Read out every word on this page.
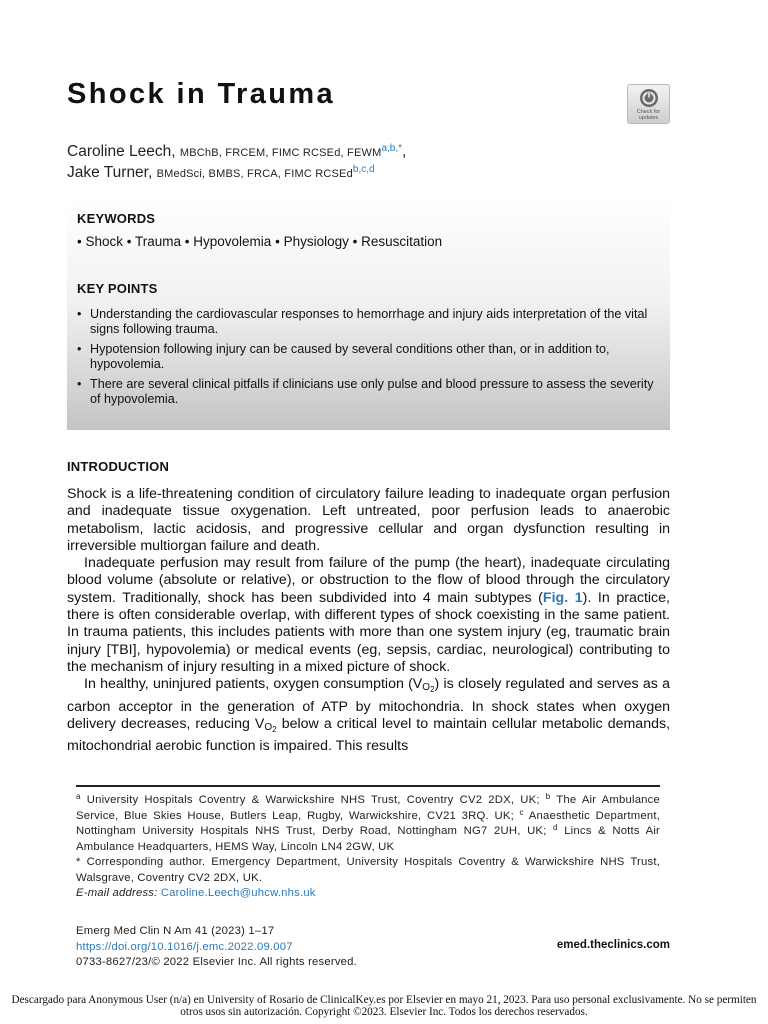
Shock in Trauma
Check for
updates
Caroline Leech, MBChB, FRCEM, FIMC RCSEd, $FEWM^{a,b,*}$,
Jake Turner, BMedSci, BMBS, FRCA, FIMC RCSEd$^{b,c,d}$
KEYWORDS
• Shock • Trauma • Hypovolemia • Physiology • Resuscitation
KEY POINTS
• Understanding the cardiovascular responses to hemorrhage and injury aids interpretation of the vital signs following trauma.
• Hypotension following injury can be caused by several conditions other than, or in addition to, hypovolemia.
• There are several clinical pitfalls if clinicians use only pulse and blood pressure to assess the severity of hypovolemia.
INTRODUCTION

Shock is a life-threatening condition of circulatory failure leading to inadequate organ perfusion and inadequate tissue oxygenation. Left untreated, poor perfusion leads to anaerobic metabolism, lactic acidosis, and progressive cellular and organ dysfunction resulting in irreversible multiorgan failure and death.

Inadequate perfusion may result from failure of the pump (the heart), inadequate circulating blood volume (absolute or relative), or obstruction to the flow of blood through the circulatory system. Traditionally, shock has been subdivided into 4 main subtypes (Fig. 1). In practice, there is often considerable overlap, with different types of shock coexisting in the same patient. In trauma patients, this includes patients with more than one system injury (eg, traumatic brain injury [TBI], hypovolemia) or medical events (eg, sepsis, cardiac, neurological) contributing to the mechanism of injury resulting in a mixed picture of shock.

In healthy, uninjured patients, oxygen consumption $(V_{O2})$ is closely regulated and serves as a carbon acceptor in the generation of ATP by mitochondria. In shock states when oxygen delivery decreases, reducing $V_{O2}$ below a critical level to maintain cellular metabolic demands, mitochondrial aerobic function is impaired. This results

$^a$ University Hospitals Coventry & Warwickshire NHS Trust, Coventry CV2 2DX, UK; $^b$ The Air Ambulance Service, Blue Skies House, Butlers Leap, Rugby, Warwickshire, CV21 3RQ. UK; $^c$ Anaesthetic Department, Nottingham University Hospitals NHS Trust, Derby Road, Nottingham NG7 2UH, UK; $^d$ Lincs & Notts Air Ambulance Headquarters, HEMS Way, Lincoln LN4 2GW, UK
* Corresponding author. Emergency Department, University Hospitals Coventry & Warwickshire NHS Trust, Walsgrave, Coventry CV2 2DX, UK.
E-mail address: Caroline.Leech@uhcw.nhs.uk
Emerg Med Clin N Am 41 (2023) 1–17
https://doi.org/10.1016/j.emc.2022.09.007
0733-8627/23/© 2022 Elsevier Inc. All rights reserved.
emed.theclinics.com
Descargado para Anonymous User (n/a) en University of Rosario de ClinicalKey.es por Elsevier en mayo 21, 2023. Para uso personal exclusivamente. No se permiten otros usos sin autorización. Copyright ©2023. Elsevier Inc. Todos los derechos reservados.
